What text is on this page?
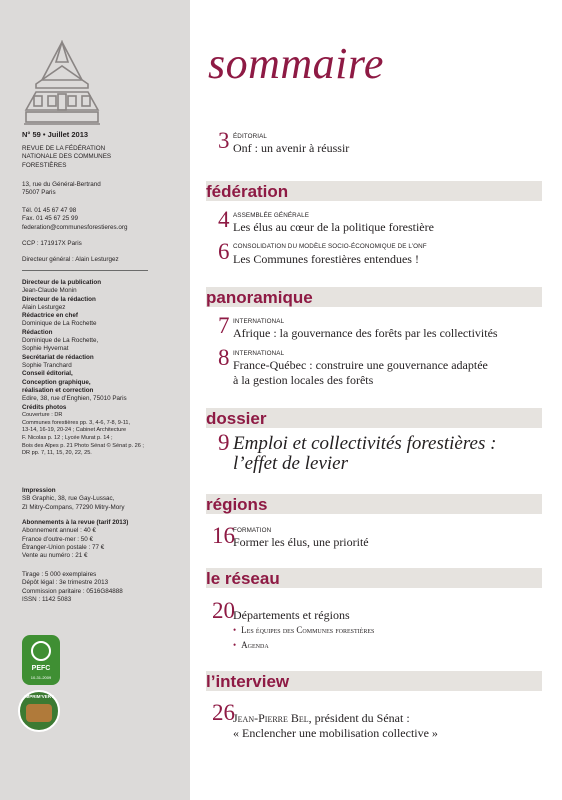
N° 59 • Juillet 2013
REVUE DE LA FÉDÉRATION
NATIONALE DES COMMUNES
FORESTIÈRES
13, rue du Général-Bertrand
75007 Paris
Tél. 01 45 67 47 98
Fax. 01 45 67 25 99
federation@communesforestieres.org
CCP : 171917X Paris
Directeur général : Alain Lesturgez
Directeur de la publication
Jean-Claude Monin
Directeur de la rédaction
Alain Lesturgez
Rédactrice en chef
Dominique de La Rochette
Rédaction
Dominique de La Rochette,
Sophie Hyvernat
Secrétariat de rédaction
Sophie Tranchard
Conseil éditorial,
Conception graphique,
réalisation et correction
Edire, 38, rue d’Enghien, 75010 Paris
Crédits photos
Couverture : DR
Communes forestières pp. 3, 4-6, 7-8, 9-11,
13-14, 16-19, 20-24 ; Cabinet Architecture
F. Nicolas p. 12 ; Lycée Murat p. 14 ;
Bois des Alpes p. 21 Photo Sénat © Sénat p. 26 ;
DR pp. 7, 11, 15, 20, 22, 25.
Impression
SB Graphic, 38, rue Gay-Lussac,
ZI Mitry-Compans, 77290 Mitry-Mory
Abonnements à la revue (tarif 2013)
Abonnement annuel : 40 €
France d’outre-mer : 50 €
Étranger-Union postale : 77 €
Vente au numéro : 21 €
Tirage : 5 000 exemplaires
Dépôt légal : 3e trimestre 2013
Commission paritaire : 0516G84888
ISSN : 1142 5083
PEFC
10-31-2009
IMPRIM’VERT
sommaire
3 ÉDITORIAL
Onf : un avenir à réussir
fédération
4 ASSEMBLÉE GÉNÉRALE
Les élus au cœur de la politique forestière
6 CONSOLIDATION DU MODÈLE SOCIO-ÉCONOMIQUE DE L’ONF
Les Communes forestières entendues !
panoramique
7 INTERNATIONAL
Afrique : la gouvernance des forêts par les collectivités
8 INTERNATIONAL
France-Québec : construire une gouvernance adaptée
à la gestion locales des forêts
dossier
9 Emploi et collectivités forestières :
l’effet de levier
régions
16
FORMATION
Former les élus, une priorité
le réseau
20
Départements et régions
• Les équipes des Communes forestières
• Agenda
l’interview
26
Jean-Pierre Bel, président du Sénat :
« Enclencher une mobilisation collective »
